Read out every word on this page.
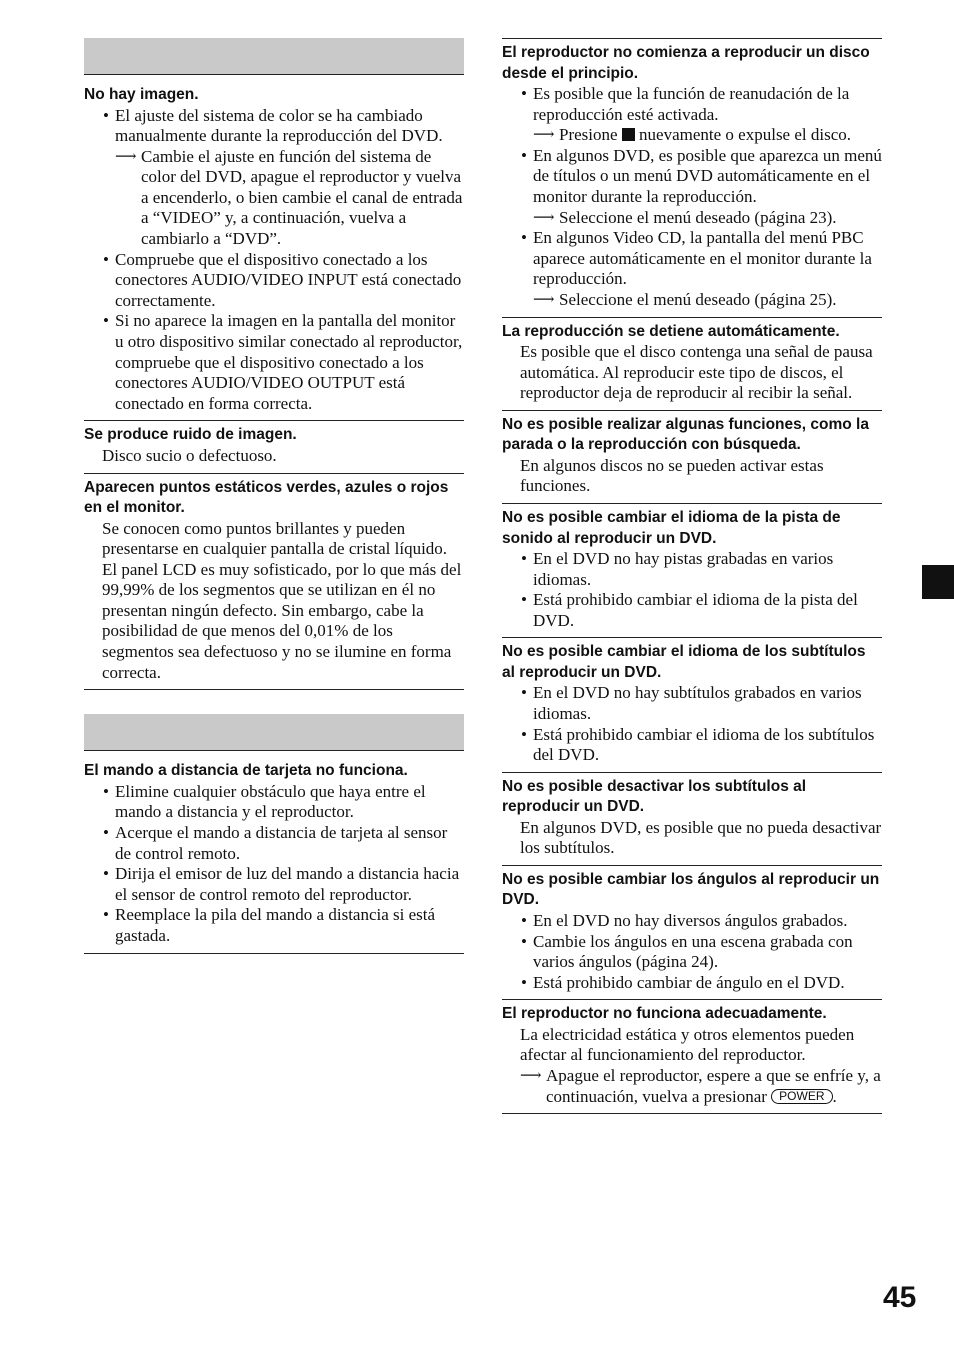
No hay imagen.
• El ajuste del sistema de color se ha cambiado manualmente durante la reproducción del DVD.
⟶ Cambie el ajuste en función del sistema de color del DVD, apague el reproductor y vuelva a encenderlo, o bien cambie el canal de entrada a “VIDEO” y, a continuación, vuelva a cambiarlo a “DVD”.
• Compruebe que el dispositivo conectado a los conectores AUDIO/VIDEO INPUT está conectado correctamente.
• Si no aparece la imagen en la pantalla del monitor u otro dispositivo similar conectado al reproductor, compruebe que el dispositivo conectado a los conectores AUDIO/VIDEO OUTPUT está conectado en forma correcta.
Se produce ruido de imagen.
Disco sucio o defectuoso.
Aparecen puntos estáticos verdes, azules o rojos en el monitor.
Se conocen como puntos brillantes y pueden presentarse en cualquier pantalla de cristal líquido.
El panel LCD es muy sofisticado, por lo que más del 99,99% de los segmentos que se utilizan en él no presentan ningún defecto. Sin embargo, cabe la posibilidad de que menos del 0,01% de los segmentos sea defectuoso y no se ilumine en forma correcta.
El mando a distancia de tarjeta no funciona.
• Elimine cualquier obstáculo que haya entre el mando a distancia y el reproductor.
• Acerque el mando a distancia de tarjeta al sensor de control remoto.
• Dirija el emisor de luz del mando a distancia hacia el sensor de control remoto del reproductor.
• Reemplace la pila del mando a distancia si está gastada.
El reproductor no comienza a reproducir un disco desde el principio.
• Es posible que la función de reanudación de la reproducción esté activada.
⟶ Presione nuevamente o expulse el disco.
• En algunos DVD, es posible que aparezca un menú de títulos o un menú DVD automáticamente en el monitor durante la reproducción.
⟶ Seleccione el menú deseado (página 23).
• En algunos Video CD, la pantalla del menú PBC aparece automáticamente en el monitor durante la reproducción.
⟶ Seleccione el menú deseado (página 25).
La reproducción se detiene automáticamente.
Es posible que el disco contenga una señal de pausa automática. Al reproducir este tipo de discos, el reproductor deja de reproducir al recibir la señal.
No es posible realizar algunas funciones, como la parada o la reproducción con búsqueda.
En algunos discos no se pueden activar estas funciones.
No es posible cambiar el idioma de la pista de sonido al reproducir un DVD.
• En el DVD no hay pistas grabadas en varios idiomas.
• Está prohibido cambiar el idioma de la pista del DVD.
No es posible cambiar el idioma de los subtítulos al reproducir un DVD.
• En el DVD no hay subtítulos grabados en varios idiomas.
• Está prohibido cambiar el idioma de los subtítulos del DVD.
No es posible desactivar los subtítulos al reproducir un DVD.
En algunos DVD, es posible que no pueda desactivar los subtítulos.
No es posible cambiar los ángulos al reproducir un DVD.
• En el DVD no hay diversos ángulos grabados.
• Cambie los ángulos en una escena grabada con varios ángulos (página 24).
• Está prohibido cambiar de ángulo en el DVD.
El reproductor no funciona adecuadamente.
La electricidad estática y otros elementos pueden afectar al funcionamiento del reproductor.
⟶ Apague el reproductor, espere a que se enfríe y, a continuación, vuelva a presionar POWER .
45
